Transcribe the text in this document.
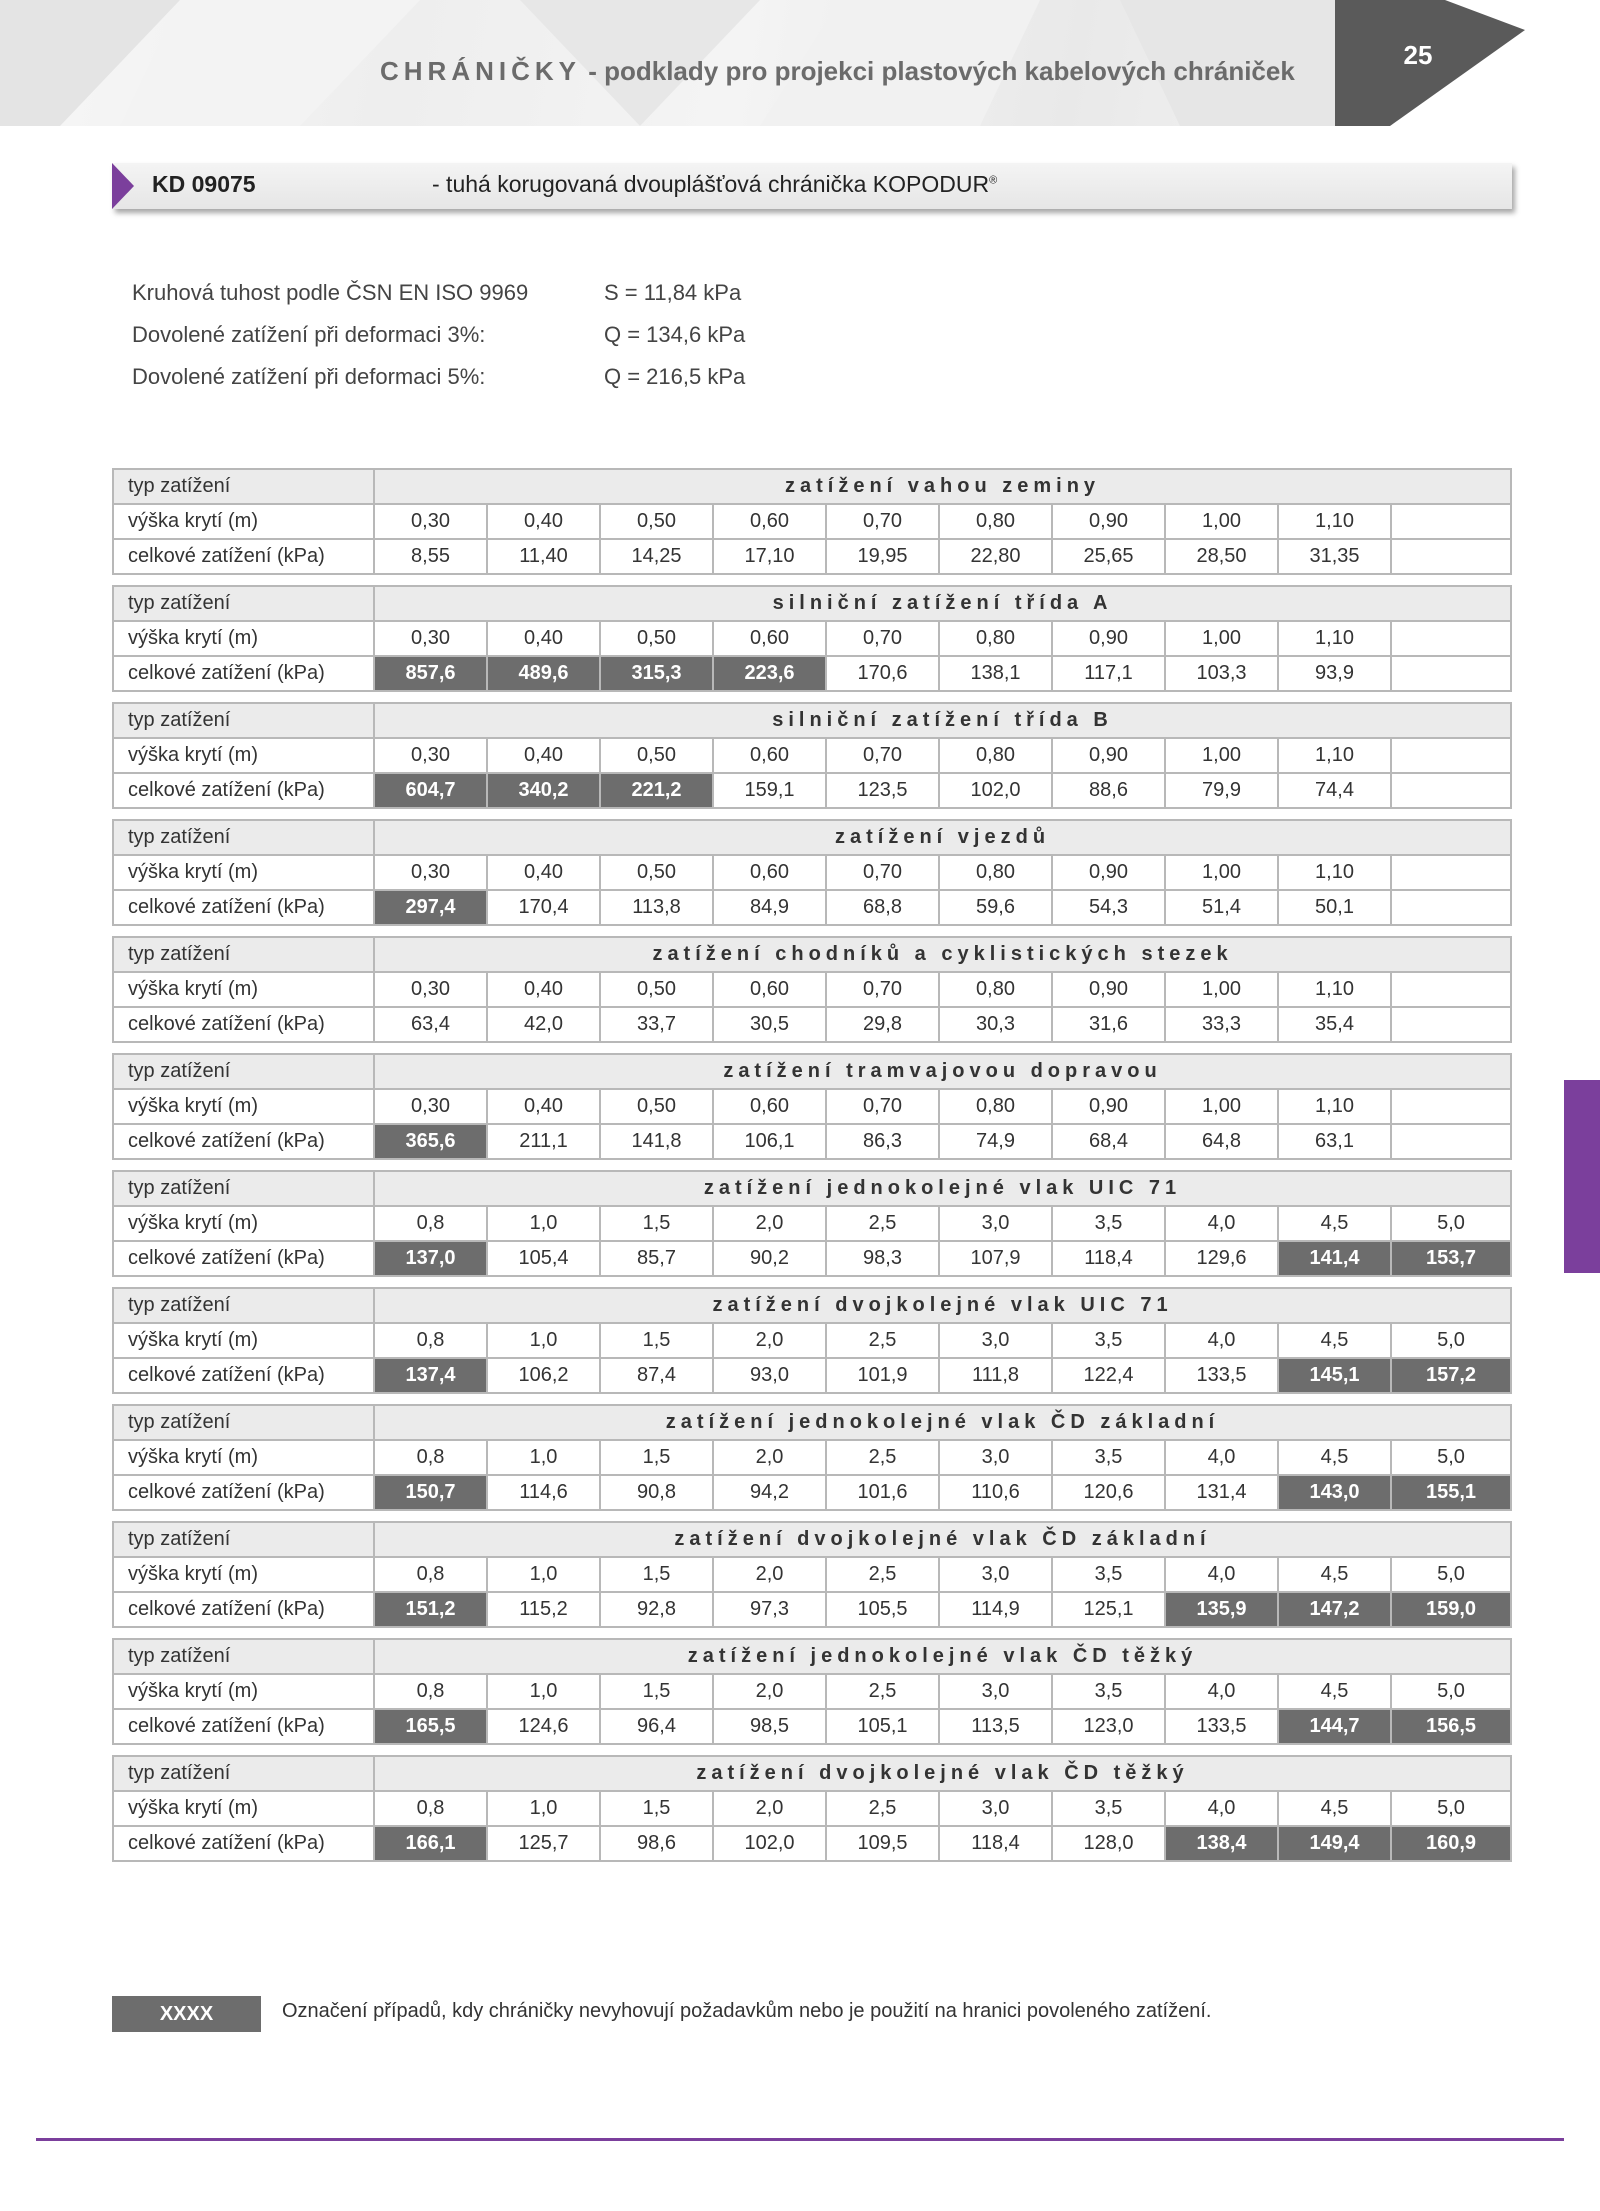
CHRÁNIČKY - podklady pro projekci plastových kabelových chrániček
25
KD 09075	- tuhá korugovaná dvouplášťová chránička KOPODUR®
Kruhová tuhost podle ČSN EN ISO 9969	S = 11,84 kPa
Dovolené zatížení při deformaci 3%:	Q = 134,6 kPa
Dovolené zatížení při deformaci 5%:	Q = 216,5 kPa
typ zatížení	zatížení vahou zeminy									
výška krytí (m)	0,30	0,40	0,50	0,60	0,70	0,80	0,90	1,00	1,10	
celkové zatížení (kPa)	8,55	11,40	14,25	17,10	19,95	22,80	25,65	28,50	31,35	

typ zatížení	silniční zatížení třída A									
výška krytí (m)	0,30	0,40	0,50	0,60	0,70	0,80	0,90	1,00	1,10	
celkové zatížení (kPa)	857,6	489,6	315,3	223,6	170,6	138,1	117,1	103,3	93,9	

typ zatížení	silniční zatížení třída B									
výška krytí (m)	0,30	0,40	0,50	0,60	0,70	0,80	0,90	1,00	1,10	
celkové zatížení (kPa)	604,7	340,2	221,2	159,1	123,5	102,0	88,6	79,9	74,4	

typ zatížení	zatížení vjezdů									
výška krytí (m)	0,30	0,40	0,50	0,60	0,70	0,80	0,90	1,00	1,10	
celkové zatížení (kPa)	297,4	170,4	113,8	84,9	68,8	59,6	54,3	51,4	50,1	

typ zatížení	zatížení chodníků a cyklistických stezek									
výška krytí (m)	0,30	0,40	0,50	0,60	0,70	0,80	0,90	1,00	1,10	
celkové zatížení (kPa)	63,4	42,0	33,7	30,5	29,8	30,3	31,6	33,3	35,4	

typ zatížení	zatížení tramvajovou dopravou									
výška krytí (m)	0,30	0,40	0,50	0,60	0,70	0,80	0,90	1,00	1,10	
celkové zatížení (kPa)	365,6	211,1	141,8	106,1	86,3	74,9	68,4	64,8	63,1	

typ zatížení	zatížení jednokolejné vlak UIC 71									
výška krytí (m)	0,8	1,0	1,5	2,0	2,5	3,0	3,5	4,0	4,5	5,0
celkové zatížení (kPa)	137,0	105,4	85,7	90,2	98,3	107,9	118,4	129,6	141,4	153,7

typ zatížení	zatížení dvojkolejné vlak UIC 71									
výška krytí (m)	0,8	1,0	1,5	2,0	2,5	3,0	3,5	4,0	4,5	5,0
celkové zatížení (kPa)	137,4	106,2	87,4	93,0	101,9	111,8	122,4	133,5	145,1	157,2

typ zatížení	zatížení jednokolejné vlak ČD základní									
výška krytí (m)	0,8	1,0	1,5	2,0	2,5	3,0	3,5	4,0	4,5	5,0
celkové zatížení (kPa)	150,7	114,6	90,8	94,2	101,6	110,6	120,6	131,4	143,0	155,1

typ zatížení	zatížení dvojkolejné vlak ČD základní									
výška krytí (m)	0,8	1,0	1,5	2,0	2,5	3,0	3,5	4,0	4,5	5,0
celkové zatížení (kPa)	151,2	115,2	92,8	97,3	105,5	114,9	125,1	135,9	147,2	159,0

typ zatížení	zatížení jednokolejné vlak ČD těžký									
výška krytí (m)	0,8	1,0	1,5	2,0	2,5	3,0	3,5	4,0	4,5	5,0
celkové zatížení (kPa)	165,5	124,6	96,4	98,5	105,1	113,5	123,0	133,5	144,7	156,5

typ zatížení	zatížení dvojkolejné vlak ČD těžký									
výška krytí (m)	0,8	1,0	1,5	2,0	2,5	3,0	3,5	4,0	4,5	5,0
celkové zatížení (kPa)	166,1	125,7	98,6	102,0	109,5	118,4	128,0	138,4	149,4	160,9
XXXX	Označení případů, kdy chráničky nevyhovují požadavkům nebo je použití na hranici povoleného zatížení.
